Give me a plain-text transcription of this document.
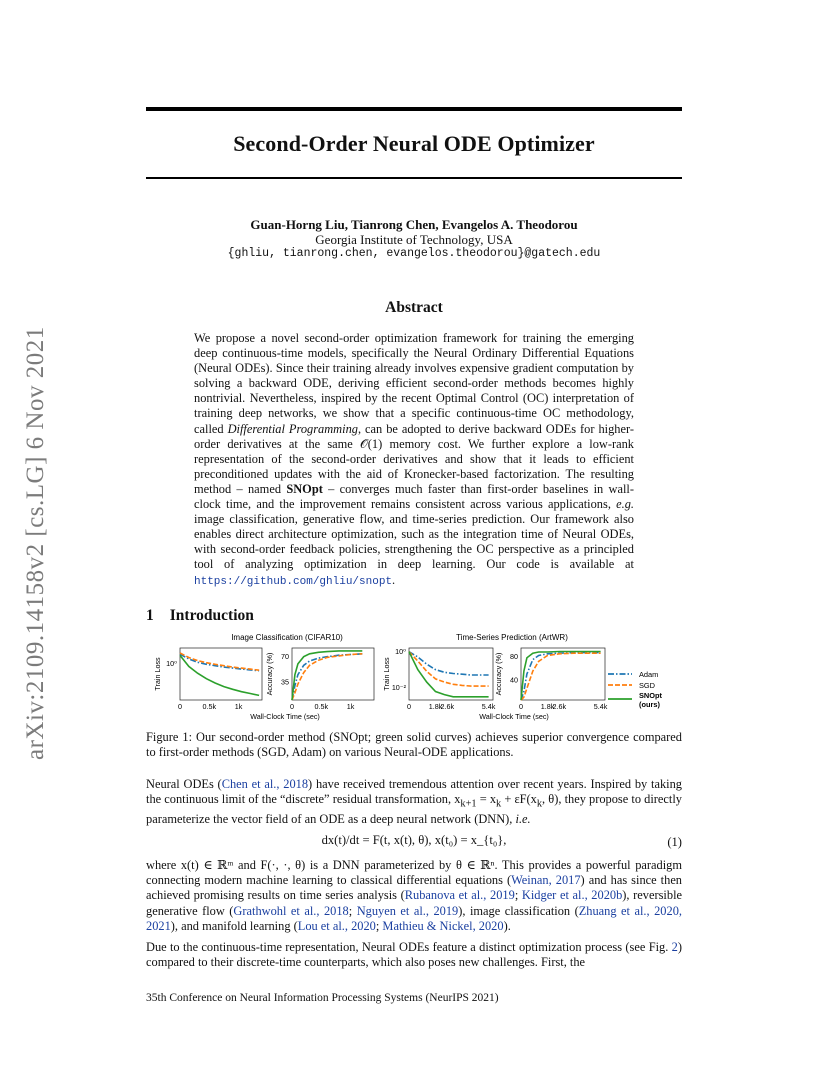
arXiv:2109.14158v2 [cs.LG] 6 Nov 2021
Second-Order Neural ODE Optimizer
Guan-Horng Liu, Tianrong Chen, Evangelos A. Theodorou
Georgia Institute of Technology, USA
{ghliu, tianrong.chen, evangelos.theodorou}@gatech.edu
Abstract

We propose a novel second-order optimization framework for training the emerging deep continuous-time models, specifically the Neural Ordinary Differential Equations (Neural ODEs). Since their training already involves expensive gradient computation by solving a backward ODE, deriving efficient second-order methods becomes highly nontrivial. Nevertheless, inspired by the recent Optimal Control (OC) interpretation of training deep networks, we show that a specific continuous-time OC methodology, called Differential Programming, can be adopted to derive backward ODEs for higher-order derivatives at the same 𝒪(1) memory cost. We further explore a low-rank representation of the second-order derivatives and show that it leads to efficient preconditioned updates with the aid of Kronecker-based factorization. The resulting method – named SNOpt – converges much faster than first-order baselines in wall-clock time, and the improvement remains consistent across various applications, e.g. image classification, generative flow, and time-series prediction. Our framework also enables direct architecture optimization, such as the integration time of Neural ODEs, with second-order feedback policies, strengthening the OC perspective as a principled tool of analyzing optimization in deep learning. Our code is available at https://github.com/ghliu/snopt.

1 Introduction
Train Loss 10⁰
0	0.5k	1k
Accuracy (%) 35
70
0	0.5k	1k
Train Loss
10⁰
10⁻²
0 1.8k
2.6k	5.4k
Accuracy (%) 40
80
0 1.8k
2.6k	5.4k
Image Classification (CIFAR10)	Time-Series Prediction (ArtWR)
Wall-Clock Time (sec)	Wall-Clock Time (sec)
Adam
SGD
SNOpt
(ours)

Figure 1: Our second-order method (SNOpt; green solid curves) achieves superior convergence compared to first-order methods (SGD, Adam) on various Neural-ODE applications.

Neural ODEs (Chen et al., 2018) have received tremendous attention over recent years. Inspired by taking the continuous limit of the “discrete” residual transformation, $x_{k+1} = x_k + \varepsilon F(x_k$, θ), they propose to directly parameterize the vector field of an ODE as a deep neural network (DNN), i.e.

dx(t)/dt = F(t, x(t), θ), x(t₀) = x_{t₀},	(1)

where x(t) ∈ ℝᵐ and F(·, ·, θ) is a DNN parameterized by θ ∈ ℝⁿ. This provides a powerful paradigm connecting modern machine learning to classical differential equations (Weinan, 2017) and has since then achieved promising results on time series analysis (Rubanova et al., 2019; Kidger et al., 2020b), reversible generative flow (Grathwohl et al., 2018; Nguyen et al., 2019), image classification (Zhuang et al., 2020, 2021), and manifold learning (Lou et al., 2020; Mathieu & Nickel, 2020).

Due to the continuous-time representation, Neural ODEs feature a distinct optimization process (see Fig. 2) compared to their discrete-time counterparts, which also poses new challenges. First, the

35th Conference on Neural Information Processing Systems (NeurIPS 2021)
